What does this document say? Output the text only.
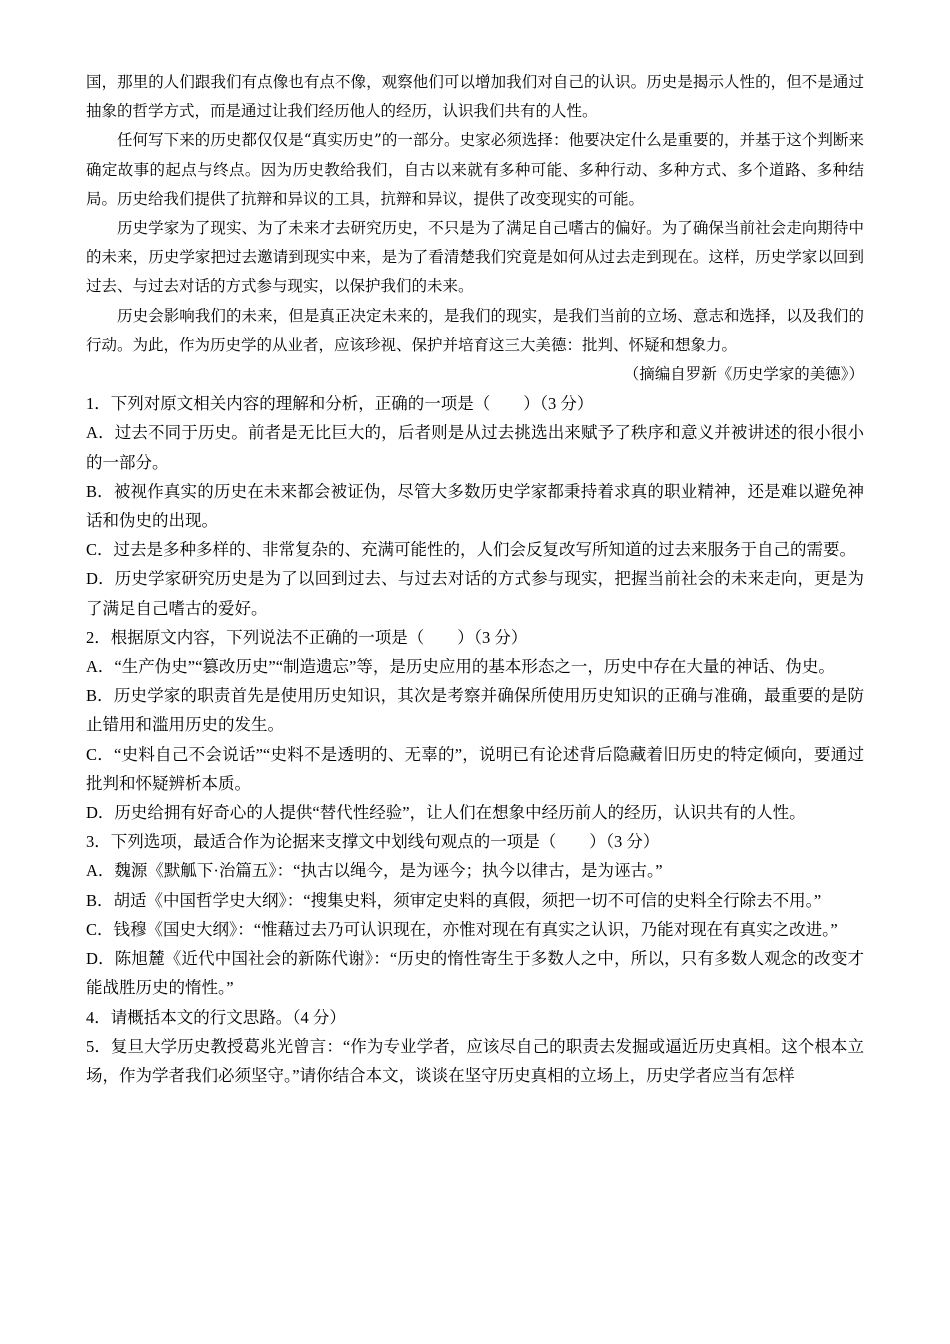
国，那里的人们跟我们有点像也有点不像，观察他们可以增加我们对自己的认识。历史是揭示人性的，但不是通过抽象的哲学方式，而是通过让我们经历他人的经历，认识我们共有的人性。

任何写下来的历史都仅仅是“真实历史”的一部分。史家必须选择：他要决定什么是重要的，并基于这个判断来确定故事的起点与终点。因为历史教给我们，自古以来就有多种可能、多种行动、多种方式、多个道路、多种结局。历史给我们提供了抗辩和异议的工具，抗辩和异议，提供了改变现实的可能。

历史学家为了现实、为了未来才去研究历史，不只是为了满足自己嗜古的偏好。为了确保当前社会走向期待中的未来，历史学家把过去邀请到现实中来，是为了看清楚我们究竟是如何从过去走到现在。这样，历史学家以回到过去、与过去对话的方式参与现实，以保护我们的未来。

历史会影响我们的未来，但是真正决定未来的，是我们的现实，是我们当前的立场、意志和选择，以及我们的行动。为此，作为历史学的从业者，应该珍视、保护并培育这三大美德：批判、怀疑和想象力。

（摘编自罗新《历史学家的美德》）

1．下列对原文相关内容的理解和分析，正确的一项是（　　）（3 分）

A．过去不同于历史。前者是无比巨大的，后者则是从过去挑选出来赋予了秩序和意义并被讲述的很小很小的一部分。

B．被视作真实的历史在未来都会被证伪，尽管大多数历史学家都秉持着求真的职业精神，还是难以避免神话和伪史的出现。

C．过去是多种多样的、非常复杂的、充满可能性的，人们会反复改写所知道的过去来服务于自己的需要。

D．历史学家研究历史是为了以回到过去、与过去对话的方式参与现实，把握当前社会的未来走向，更是为了满足自己嗜古的爱好。

2．根据原文内容，下列说法不正确的一项是（　　）（3 分）

A．“生产伪史”“篡改历史”“制造遗忘”等，是历史应用的基本形态之一，历史中存在大量的神话、伪史。

B．历史学家的职责首先是使用历史知识，其次是考察并确保所使用历史知识的正确与准确，最重要的是防止错用和滥用历史的发生。

C．“史料自己不会说话”“史料不是透明的、无辜的”，说明已有论述背后隐藏着旧历史的特定倾向，要通过批判和怀疑辨析本质。

D．历史给拥有好奇心的人提供“替代性经验”，让人们在想象中经历前人的经历，认识共有的人性。

3．下列选项，最适合作为论据来支撑文中划线句观点的一项是（　　）（3 分）

A．魏源《默觚下·治篇五》：“执古以绳今，是为诬今；执今以律古，是为诬古。”

B．胡适《中国哲学史大纲》：“搜集史料，须审定史料的真假，须把一切不可信的史料全行除去不用。”

C．钱穆《国史大纲》：“惟藉过去乃可认识现在，亦惟对现在有真实之认识，乃能对现在有真实之改进。”

D．陈旭麓《近代中国社会的新陈代谢》：“历史的惰性寄生于多数人之中，所以，只有多数人观念的改变才能战胜历史的惰性。”

4．请概括本文的行文思路。（4 分）

5．复旦大学历史教授葛兆光曾言：“作为专业学者，应该尽自己的职责去发掘或逼近历史真相。这个根本立场，作为学者我们必须坚守。”请你结合本文，谈谈在坚守历史真相的立场上，历史学者应当有怎样
